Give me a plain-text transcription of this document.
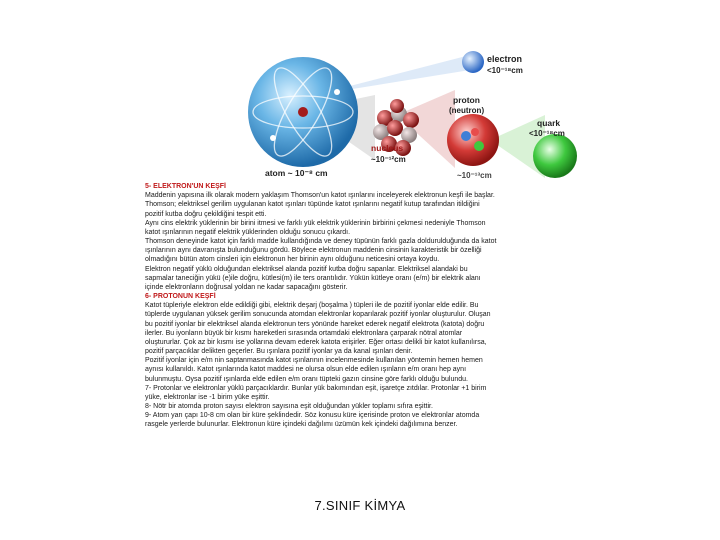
electron
<10⁻¹⁸cm
proton
(neutron)
quark
<10⁻¹⁸cm
nucleus
~10⁻¹²cm
~10⁻¹³cm
atom ~ 10⁻⁸ cm
5- ELEKTRON'UN KEŞFİ
Maddenin yapısına ilk olarak modern yaklaşım Thomson'un katot ışınlarını inceleyerek elektronun keşfi ile başlar.
Thomson; elektriksel gerilim uygulanan katot ışınları tüpünde katot ışınlarını negatif kutup tarafından itildiğini
pozitif kutba doğru çekildiğini tespit etti.
Aynı cins elektrik yüklerinin bir birini itmesi ve farklı yük elektrik yüklerinin birbirini çekmesi nedeniyle Thomson
katot ışınlarının negatif elektrik yüklerinden olduğu sonucu çıkardı.
Thomson deneyinde katot için farklı madde kullandığında ve deney tüpünün farklı gazla doldurulduğunda da katot
ışınlarının aynı davranışta bulunduğunu gördü. Böylece elektronun maddenin cinsinin karakteristik bir özelliği
olmadığını bütün atom cinsleri için elektronun her birinin aynı olduğunu neticesini ortaya koydu.
Elektron negatif yüklü olduğundan elektriksel alanda pozitif kutba doğru sapanlar. Elektriksel alandaki bu
sapmalar taneciğin yükü (e)ile doğru, kütlesi(m) ile ters orantılıdır. Yükün kütleye oranı (e/m) bir elektrik alanı
içinde elektronların doğrusal yoldan ne kadar sapacağını gösterir.
6- PROTONUN KEŞFİ
Katot tüpleriyle elektron elde edildiği gibi, elektrik deşarj (boşalma ) tüpleri ile de pozitif iyonlar elde edilir. Bu
tüplerde uygulanan yüksek gerilim sonucunda atomdan elektronlar koparılarak pozitif iyonlar oluşturulur. Oluşan
bu pozitif iyonlar bir elektriksel alanda elektronun ters yönünde hareket ederek negatif elektrota (katota) doğru
ilerler. Bu iyonların büyük bir kısmı hareketleri sırasında ortamdaki elektronlara çarparak nötral atomlar
oluştururlar. Çok az bir kısmı ise yollarına devam ederek katota erişirler. Eğer ortası delikli bir katot kullanılırsa,
pozitif parçacıklar delikten geçerler. Bu ışınlara pozitif iyonlar ya da kanal ışınları denir.
Pozitif iyonlar için e/m nin saptanmasında katot ışınlarının incelenmesinde kullanılan yöntemin hemen hemen
aynısı kullanıldı. Katot ışınlarında katot maddesi ne olursa olsun elde edilen ışınların e/m oranı hep aynı
bulunmuştu. Oysa pozitif ışınlarda elde edilen e/m oranı tüpteki gazın cinsine göre farklı olduğu bulundu.
7- Protonlar ve elektronlar yüklü parçacıklardır. Bunlar yük bakımından eşit, işaretçe zıtdılar. Protonlar +1 birim
yüke, elektronlar ise -1 birim yüke eşittir.
8- Nötr bir atomda proton sayısı elektron sayısına eşit olduğundan yükler toplamı sıfıra eşittir.
9- Atom yarı çapı 10-8 cm olan bir küre şeklindedir. Söz konusu küre içerisinde proton ve elektronlar atomda
rasgele yerlerde bulunurlar. Elektronun küre içindeki dağılımı üzümün kek içindeki dağılımına benzer.
7.SINIF KİMYA
